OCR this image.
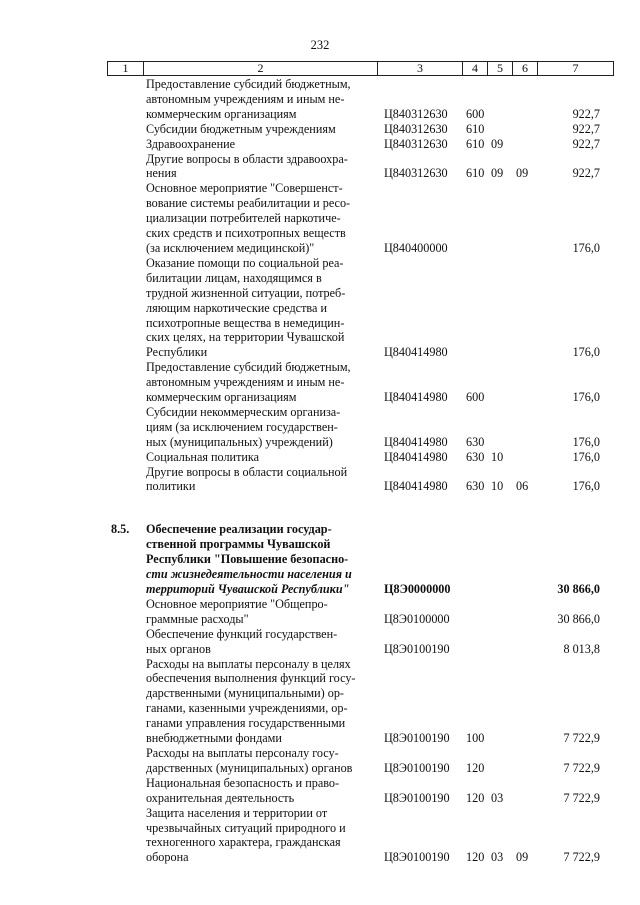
232
1	2	3	4	5	6	7
Предоставление субсидий бюджетным,
автономным учреждениям и иным не-
коммерческим организациям	Ц840312630 600	922,7
Субсидии бюджетным учреждениям	Ц840312630 610	922,7
Здравоохранение	Ц840312630 610 09	922,7
Другие вопросы в области здравоохра-
нения	Ц840312630 610 09 09	922,7
Основное мероприятие "Совершенст-
вование системы реабилитации и ресо-
циализации потребителей наркотиче-
ских средств и психотропных веществ
(за исключением медицинской)"	Ц840400000	176,0
Оказание помощи по социальной реа-
билитации лицам, находящимся в
трудной жизненной ситуации, потреб-
ляющим наркотические средства и
психотропные вещества в немедицин-
ских целях, на территории Чувашской
Республики	Ц840414980	176,0
Предоставление субсидий бюджетным,
автономным учреждениям и иным не-
коммерческим организациям	Ц840414980 600	176,0
Субсидии некоммерческим организа-
циям (за исключением государствен-
ных (муниципальных) учреждений)	Ц840414980 630	176,0
Социальная политика	Ц840414980 630 10	176,0
Другие вопросы в области социальной
политики	Ц840414980 630 10 06	176,0
8.5. Обеспечение реализации государ-
ственной программы Чувашской
Республики "Повышение безопасно-
сти жизнедеятельности населения и
территорий Чувашской Республики"	Ц8Э0000000	30 866,0
Основное мероприятие "Общепро-
граммные расходы"	Ц8Э0100000	30 866,0
Обеспечение функций государствен-
ных органов	Ц8Э0100190	8 013,8
Расходы на выплаты персоналу в целях
обеспечения выполнения функций госу-
дарственными (муниципальными) ор-
ганами, казенными учреждениями, ор-
ганами управления государственными
внебюджетными фондами	Ц8Э0100190 100	7 722,9
Расходы на выплаты персоналу госу-
дарственных (муниципальных) органов	Ц8Э0100190 120	7 722,9
Национальная безопасность и право-
охранительная деятельность	Ц8Э0100190 120 03	7 722,9
Защита населения и территории от
чрезвычайных ситуаций природного и
техногенного характера, гражданская
оборона	Ц8Э0100190 120 03 09	7 722,9
